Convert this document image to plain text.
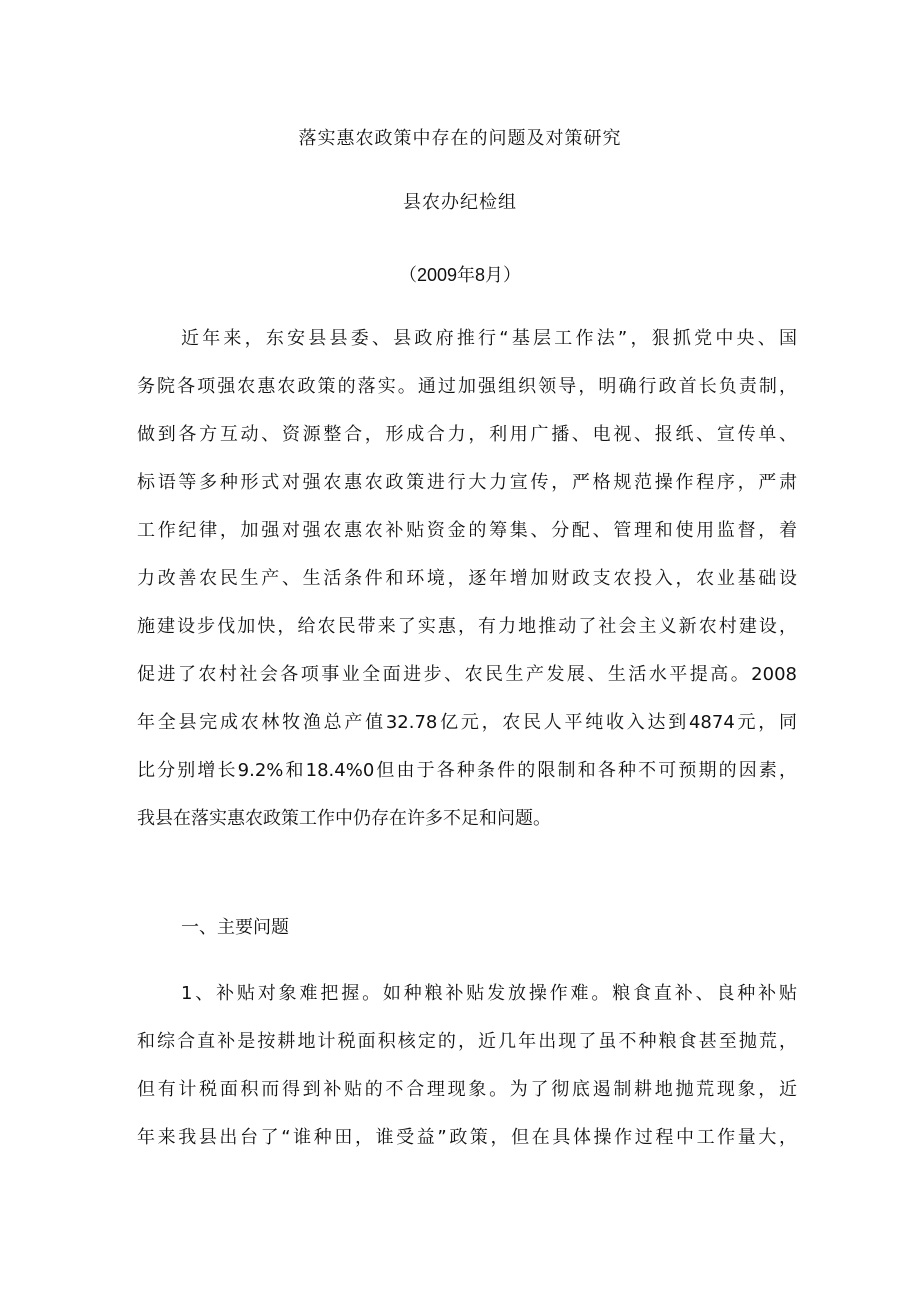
落实惠农政策中存在的问题及对策研究
县农办纪检组
（2009年8月）
近年来，东安县县委、县政府推行“基层工作法”，狠抓党中央、国
务院各项强农惠农政策的落实。通过加强组织领导，明确行政首长负责制，
做到各方互动、资源整合，形成合力，利用广播、电视、报纸、宣传单、
标语等多种形式对强农惠农政策进行大力宣传，严格规范操作程序，严肃
工作纪律，加强对强农惠农补贴资金的筹集、分配、管理和使用监督，着
力改善农民生产、生活条件和环境，逐年增加财政支农投入，农业基础设
施建设步伐加快，给农民带来了实惠，有力地推动了社会主义新农村建设，
促进了农村社会各项事业全面进步、农民生产发展、生活水平提高。2008
年全县完成农林牧渔总产值32.78亿元，农民人平纯收入达到4874元，同
比分别增长9.2%和18.4%0但由于各种条件的限制和各种不可预期的因素，
我县在落实惠农政策工作中仍存在许多不足和问题。
一、主要问题
1、补贴对象难把握。如种粮补贴发放操作难。粮食直补、良种补贴
和综合直补是按耕地计税面积核定的，近几年出现了虽不种粮食甚至抛荒，
但有计税面积而得到补贴的不合理现象。为了彻底遏制耕地抛荒现象，近
年来我县出台了“谁种田，谁受益”政策，但在具体操作过程中工作量大，
